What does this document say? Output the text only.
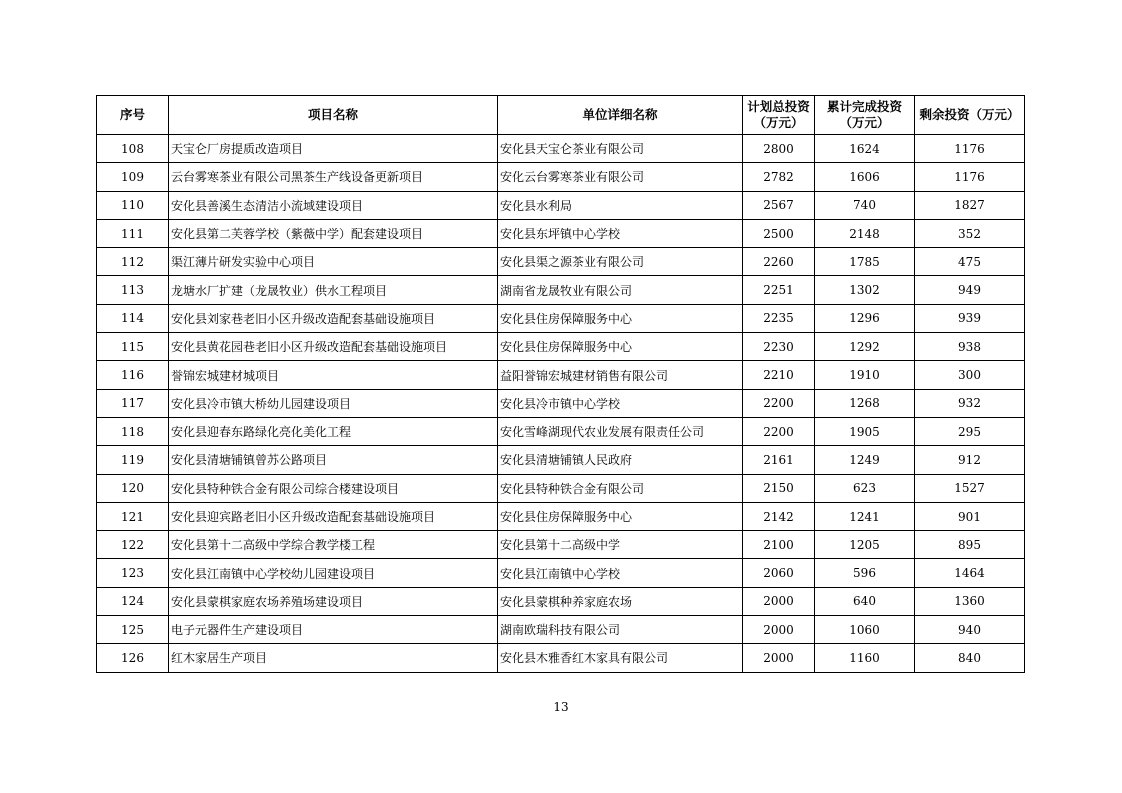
序号	项目名称	单位详细名称	计划总投资（万元）	累计完成投资（万元）	剩余投资（万元）
108	天宝仑厂房提质改造项目	安化县天宝仑茶业有限公司	2800	1624	1176
109	云台雾寒茶业有限公司黑茶生产线设备更新项目	安化云台雾寒茶业有限公司	2782	1606	1176
110	安化县善溪生态清洁小流域建设项目	安化县水利局	2567	740	1827
111	安化县第二芙蓉学校（紫薇中学）配套建设项目	安化县东坪镇中心学校	2500	2148	352
112	渠江薄片研发实验中心项目	安化县渠之源茶业有限公司	2260	1785	475
113	龙塘水厂扩建（龙晟牧业）供水工程项目	湖南省龙晟牧业有限公司	2251	1302	949
114	安化县刘家巷老旧小区升级改造配套基础设施项目	安化县住房保障服务中心	2235	1296	939
115	安化县黄花园巷老旧小区升级改造配套基础设施项目	安化县住房保障服务中心	2230	1292	938
116	誉锦宏城建材城项目	益阳誉锦宏城建材销售有限公司	2210	1910	300
117	安化县冷市镇大桥幼儿园建设项目	安化县冷市镇中心学校	2200	1268	932
118	安化县迎春东路绿化亮化美化工程	安化雪峰湖现代农业发展有限责任公司	2200	1905	295
119	安化县清塘铺镇曾苏公路项目	安化县清塘铺镇人民政府	2161	1249	912
120	安化县特种铁合金有限公司综合楼建设项目	安化县特种铁合金有限公司	2150	623	1527
121	安化县迎宾路老旧小区升级改造配套基础设施项目	安化县住房保障服务中心	2142	1241	901
122	安化县第十二高级中学综合教学楼工程	安化县第十二高级中学	2100	1205	895
123	安化县江南镇中心学校幼儿园建设项目	安化县江南镇中心学校	2060	596	1464
124	安化县蒙棋家庭农场养殖场建设项目	安化县蒙棋种养家庭农场	2000	640	1360
125	电子元器件生产建设项目	湖南欧瑞科技有限公司	2000	1060	940
126	红木家居生产项目	安化县木雅香红木家具有限公司	2000	1160	840
13
